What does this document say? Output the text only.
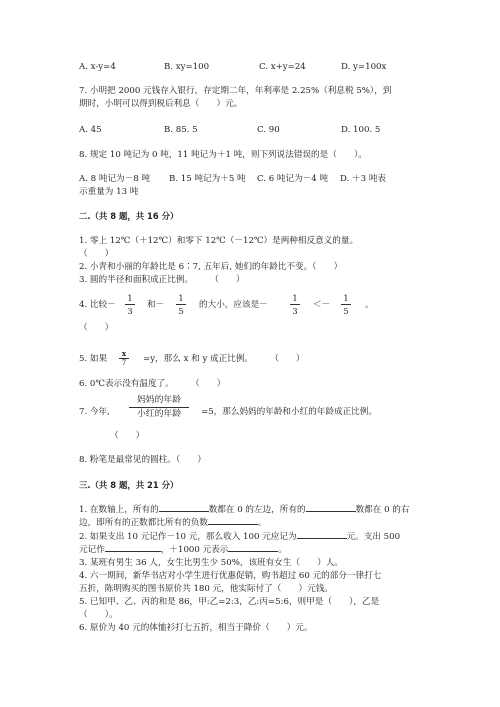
A. x-y=4	B. xy=100	C. x+y=24	D. y=100x
7. 小明把 2000 元钱存入银行，存定期二年，年利率是 2.25%（利息税 5%），到
期时，小明可以得到税后利息（　　）元。
A. 45	B. 85. 5	C. 90	D. 100. 5
8. 规定 10 吨记为 0 吨，11 吨记为＋1 吨，则下列说法错误的是（　　）。
A. 8 吨记为－8 吨 B. 15 吨记为＋5 吨 C. 6 吨记为－4 吨 D. ＋3 吨表
示重量为 13 吨
二.（共 8 题，共 16 分）
1. 零上 12℃（＋12℃）和零下 12℃（－12℃）是两种相反意义的量。
（　　）
2. 小青和小丽的年龄比是 6∶7, 五年后, 她们的年龄比不变。（　　）
3. 圆的半径和面积成正比例。　　　（　　）
4. 比较－
1
3
和－
1
5
的大小，应该是－
1
3
＜－
1
5
。
（　　）
5. 如果
x
7	=y，那么 x 和 y 成正比例。　　　（　　）
6. 0℃表示没有温度了。　　　（　　）
7. 今年,
妈妈的年龄
小红的年龄	=5，那么妈妈的年龄和小红的年龄成正比例。
（　　）
8. 粉笔是最常见的圆柱。（　　）
三.（共 8 题，共 21 分）
1. 在数轴上，所有的	数都在 0 的左边，所有的	数都在 0 的右
边，即所有的正数都比所有的负数	。
2. 如果支出 10 元记作－10 元，那么收入 100 元应记为	元。支出 500
元记作	，＋1000 元表示	。
3. 某班有男生 36 人，女生比男生少 50%，该班有女生（　　）人。
4. 六一期间，新华书店对小学生进行优惠促销，购书超过 60 元的部分一律打七
五折，陈明购买的图书原价共 180 元，他实际付了（　　）元钱。
5. 已知甲、乙、丙的和是 86，甲:乙=2:3，乙:丙=5:6，则甲是（　　），乙是
（　　）。
6. 原价为 40 元的体恤衫打七五折，相当于降价（　　）元。
